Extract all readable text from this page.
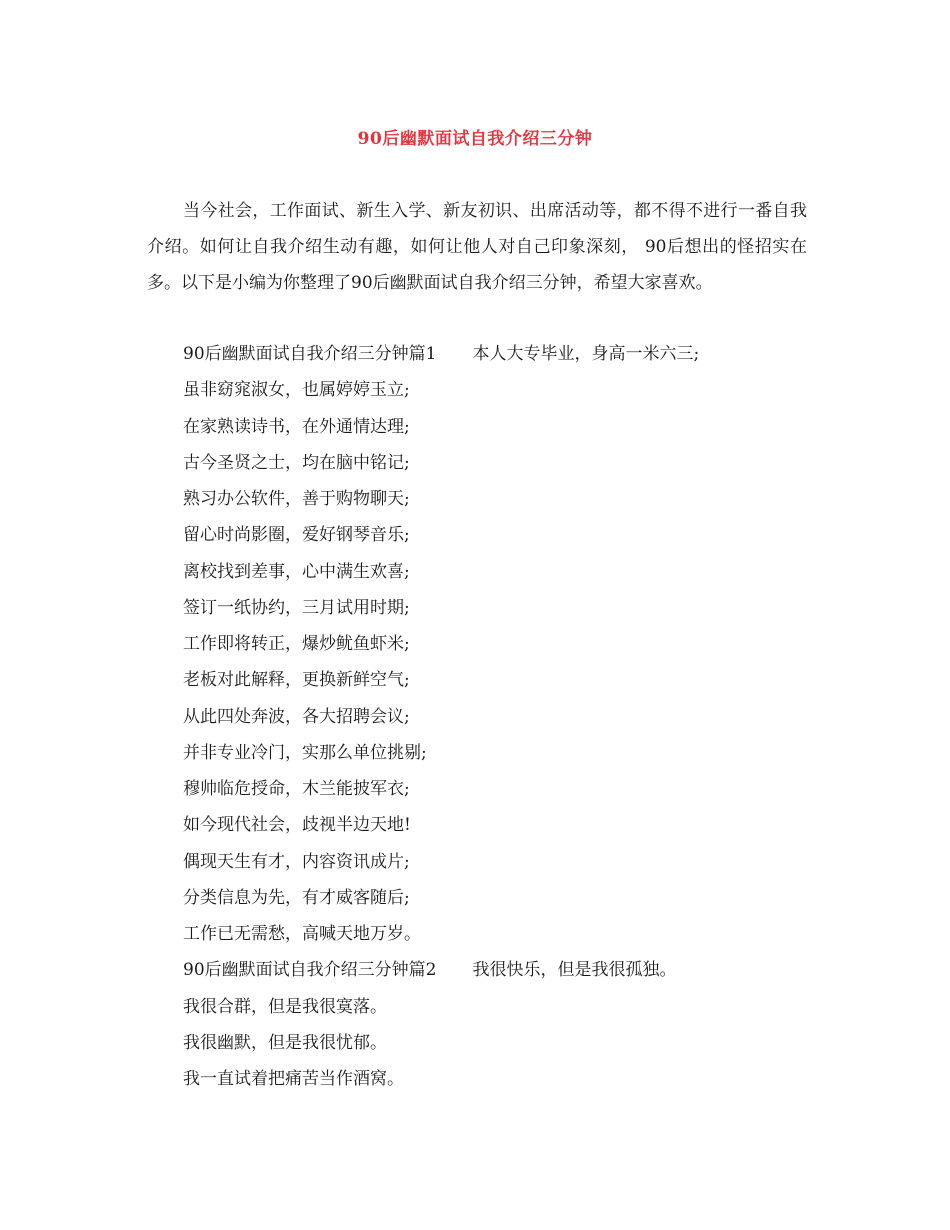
90后幽默面试自我介绍三分钟

当今社会，工作面试、新生入学、新友初识、出席活动等，都不得不进行一番自我介绍。如何让自我介绍生动有趣，如何让他人对自己印象深刻， 90后想出的怪招实在多。以下是小编为你整理了90后幽默面试自我介绍三分钟，希望大家喜欢。

90后幽默面试自我介绍三分钟篇1 本人大专毕业，身高一米六三;
虽非窈窕淑女，也属婷婷玉立;
在家熟读诗书，在外通情达理;
古今圣贤之士，均在脑中铭记;
熟习办公软件，善于购物聊天;
留心时尚影圈，爱好钢琴音乐;
离校找到差事，心中满生欢喜;
签订一纸协约，三月试用时期;
工作即将转正，爆炒鱿鱼虾米;
老板对此解释，更换新鲜空气;
从此四处奔波，各大招聘会议;
并非专业冷门，实那么单位挑剔;
穆帅临危授命，木兰能披军衣;
如今现代社会，歧视半边天地!
偶现天生有才，内容资讯成片;
分类信息为先，有才威客随后;
工作已无需愁，高喊天地万岁。
90后幽默面试自我介绍三分钟篇2 我很快乐，但是我很孤独。
我很合群，但是我很寞落。
我很幽默，但是我很忧郁。
我一直试着把痛苦当作酒窝。
